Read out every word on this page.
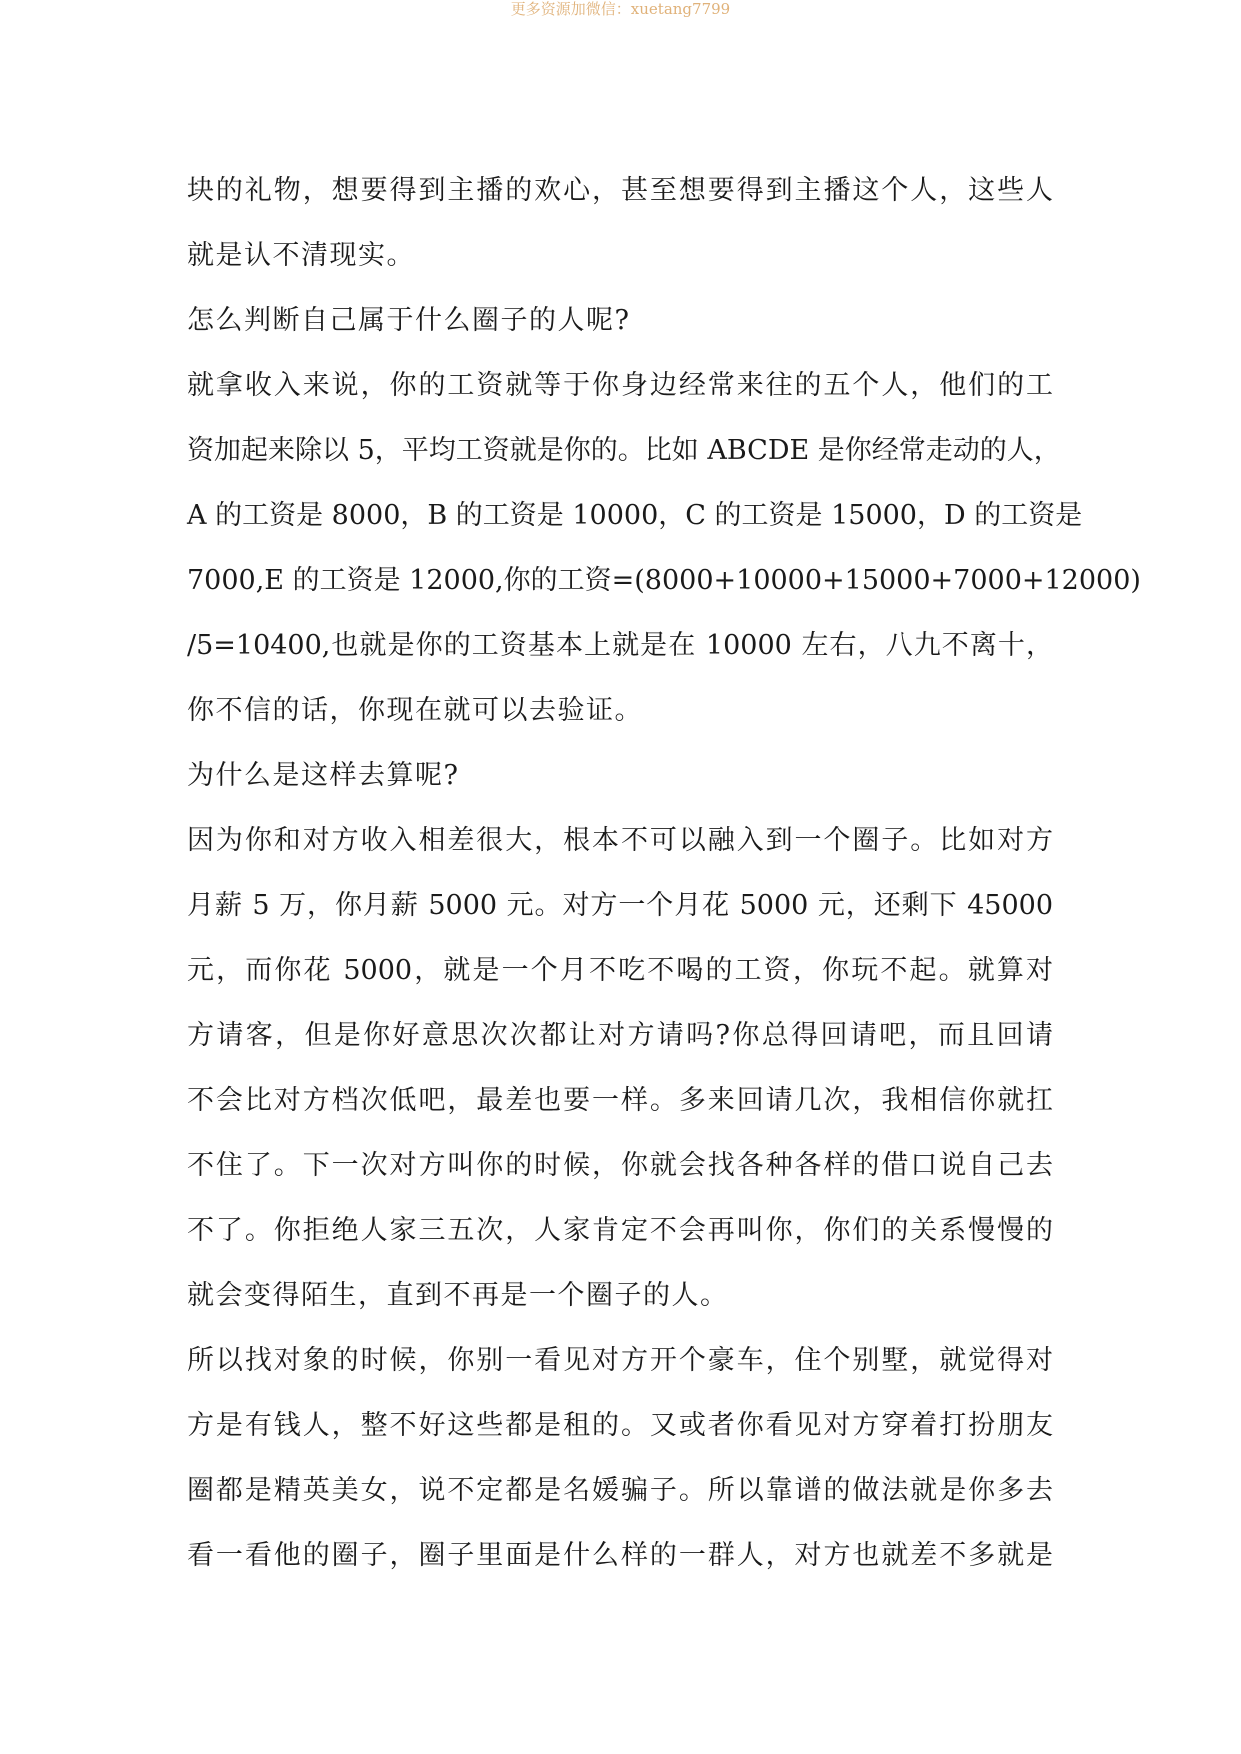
更多资源加微信：xuetang7799
块的礼物，想要得到主播的欢心，甚至想要得到主播这个人，这些人
就是认不清现实。
怎么判断自己属于什么圈子的人呢?
就拿收入来说，你的工资就等于你身边经常来往的五个人，他们的工
资加起来除以 5，平均工资就是你的。比如 ABCDE 是你经常走动的人，
A 的工资是 8000，B 的工资是 10000，C 的工资是 15000，D 的工资是
7000,E 的工资是 12000,你的工资=(8000+10000+15000+7000+12000)
/5=10400,也就是你的工资基本上就是在 10000 左右，八九不离十，
你不信的话，你现在就可以去验证。
为什么是这样去算呢?
因为你和对方收入相差很大，根本不可以融入到一个圈子。比如对方
月薪 5 万，你月薪 5000 元。对方一个月花 5000 元，还剩下 45000
元，而你花 5000，就是一个月不吃不喝的工资，你玩不起。就算对
方请客，但是你好意思次次都让对方请吗?你总得回请吧，而且回请
不会比对方档次低吧，最差也要一样。多来回请几次，我相信你就扛
不住了。下一次对方叫你的时候，你就会找各种各样的借口说自己去
不了。你拒绝人家三五次，人家肯定不会再叫你，你们的关系慢慢的
就会变得陌生，直到不再是一个圈子的人。
所以找对象的时候，你别一看见对方开个豪车，住个别墅，就觉得对
方是有钱人，整不好这些都是租的。又或者你看见对方穿着打扮朋友
圈都是精英美女，说不定都是名媛骗子。所以靠谱的做法就是你多去
看一看他的圈子，圈子里面是什么样的一群人，对方也就差不多就是
